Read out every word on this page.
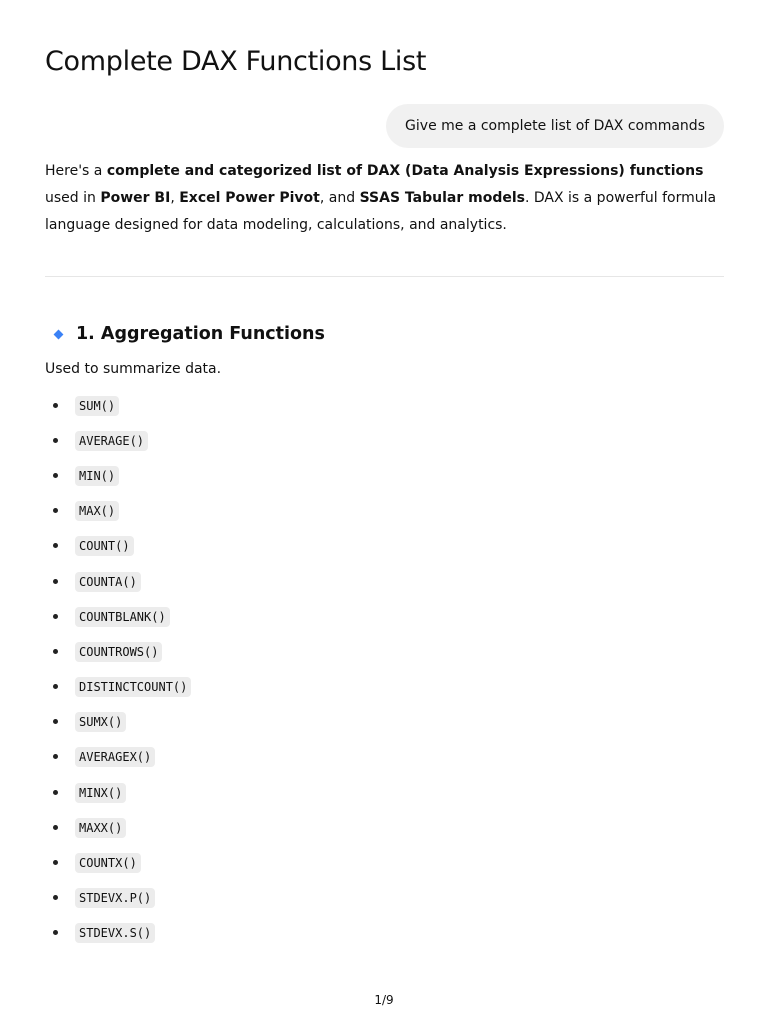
Complete DAX Functions List
Give me a complete list of DAX commands

Here's a complete and categorized list of DAX (Data Analysis Expressions) functions used in Power BI, Excel Power Pivot, and SSAS Tabular models. DAX is a powerful formula language designed for data modeling, calculations, and analytics.

1. Aggregation Functions

Used to summarize data.

SUM()
AVERAGE()
MIN()
MAX()
COUNT()
COUNTA()
COUNTBLANK()
COUNTROWS()
DISTINCTCOUNT()
SUMX()
AVERAGEX()
MINX()
MAXX()
COUNTX()
STDEVX.P()
STDEVX.S()
1/9
